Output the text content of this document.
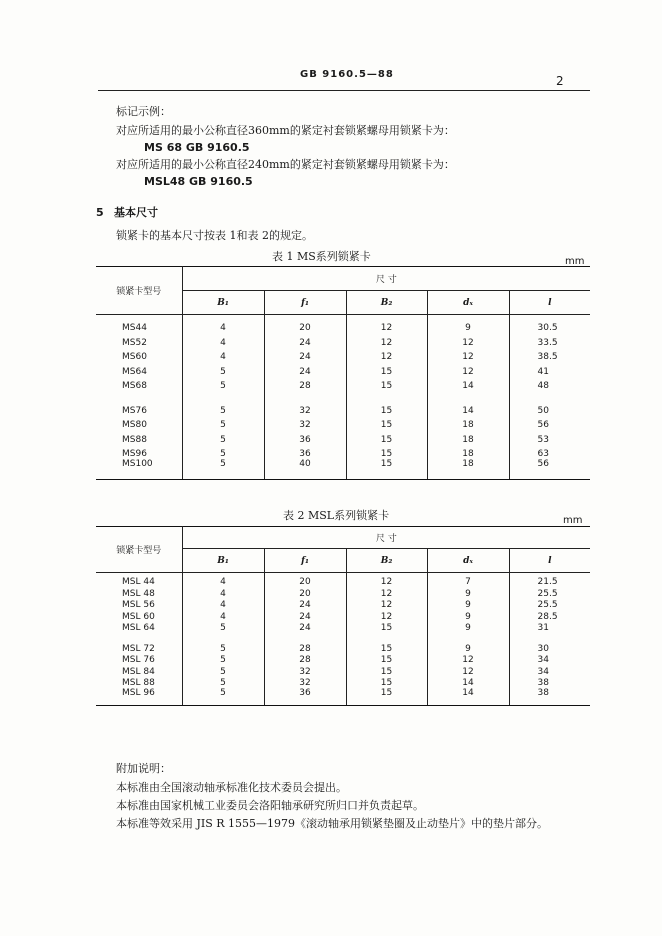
GB 9160.5—88	2
标记示例：
对应所适用的最小公称直径360mm的紧定衬套锁紧螺母用锁紧卡为：
MS 68 GB 9160.5
对应所适用的最小公称直径240mm的紧定衬套锁紧螺母用锁紧卡为：
MSL48 GB 9160.5
5 基本尺寸
锁紧卡的基本尺寸按表 1和表 2的规定。
表 1 MS系列锁紧卡	mm
锁紧卡型号	尺 寸				
	B₁	f₁	B₂	dₓ	l
MS44	4	20	12	9	30.5
MS52	4	24	12	12	33.5
MS60	4	24	12	12	38.5
MS64	5	24	15	12	41
MS68	5	28	15	14	48
MS76	5	32	15	14	50
MS80	5	32	15	18	56
MS88	5	36	15	18	53
MS96	5	36	15	18	63
MS100	5	40	15	18	56
表 2 MSL系列锁紧卡	mm
锁紧卡型号	尺 寸				
	B₁	f₁	B₂	dₓ	l
MSL 44	4	20	12	7	21.5
MSL 48	4	20	12	9	25.5
MSL 56	4	24	12	9	25.5
MSL 60	4	24	12	9	28.5
MSL 64	5	24	15	9	31
MSL 72	5	28	15	9	30
MSL 76	5	28	15	12	34
MSL 84	5	32	15	12	34
MSL 88	5	32	15	14	38
MSL 96	5	36	15	14	38
附加说明：
本标准由全国滚动轴承标准化技术委员会提出。
本标准由国家机械工业委员会洛阳轴承研究所归口并负责起草。
本标准等效采用 JIS R 1555—1979《滚动轴承用锁紧垫圈及止动垫片》中的垫片部分。
